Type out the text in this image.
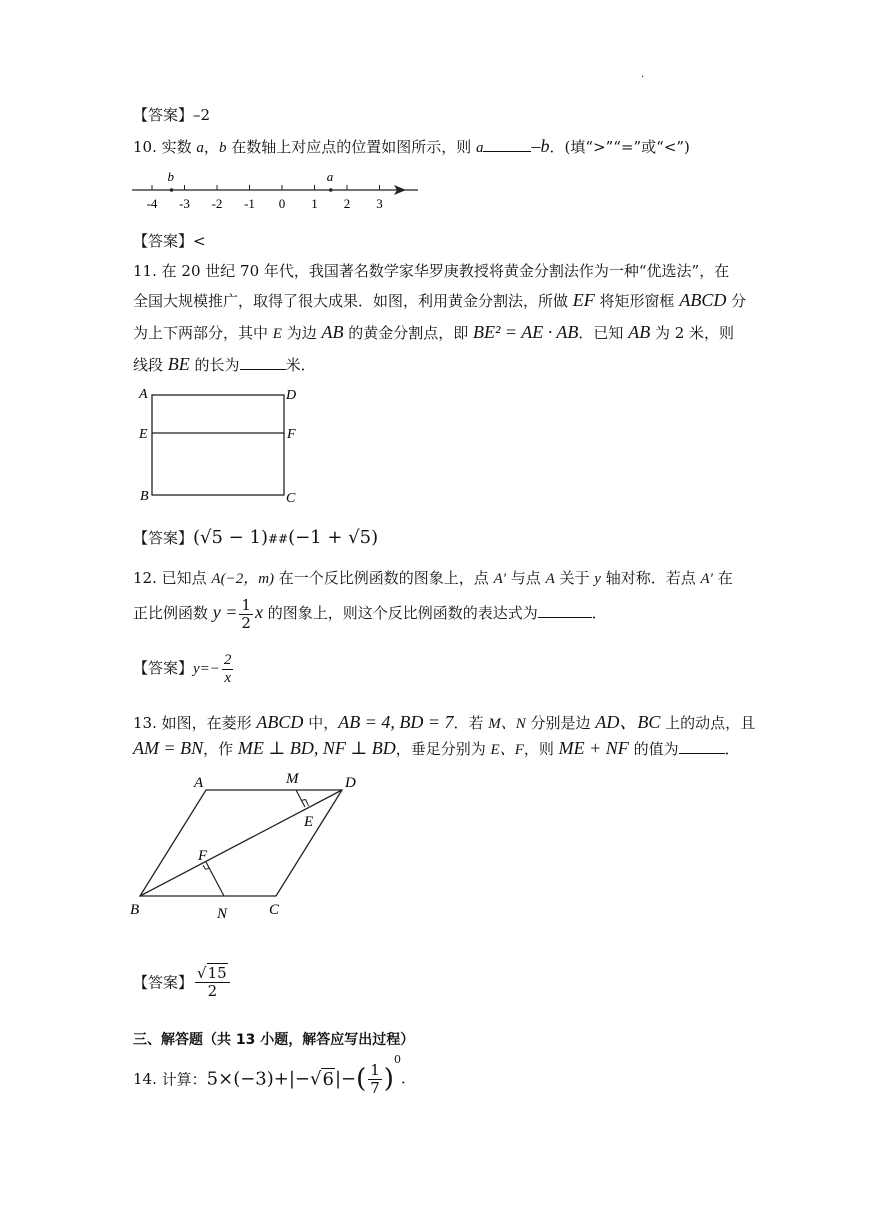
·
【答案】–2
10. 实数 a，b 在数轴上对应点的位置如图所示，则 a	–b．(填“>”“=”或“<”)
-4 -3 -2 -1 0 1 2 3
b	a
【答案】<
11. 在 20 世纪 70 年代，我国著名数学家华罗庚教授将黄金分割法作为一种“优选法”，在
全国大规模推广，取得了很大成果．如图，利用黄金分割法，所做 EF 将矩形窗框 ABCD 分
为上下两部分，其中 E 为边 AB 的黄金分割点，即 BE² = AE · AB．已知 AB 为 2 米，则
线段 BE 的长为	米．
A	D
E	F
B	C
【答案】(√5 − 1)##(−1 + √5)
12. 已知点 A(−2，m) 在一个反比例函数的图象上，点 A′ 与点 A 关于 y 轴对称．若点 A′ 在
正比例函数 $y = \frac{1}{2}$ x 的图象上，则这个反比例函数的表达式为	．
【答案】$y=- \frac{2}{x}$
13. 如图，在菱形 ABCD 中，AB = 4, BD = 7．若 M、N 分别是边 AD、BC 上的动点，且
AM = BN，作 ME ⊥ BD, NF ⊥ BD，垂足分别为 E、F，则 ME + NF 的值为	．
A	M	D
E
F
B	N	C
【答案】 $\frac{√15}{2}$
三、解答题（共 13 小题，解答应写出过程）
14. 计算：$5\times(-3)+|-√6|-( \frac{1}{7} )^0$．
